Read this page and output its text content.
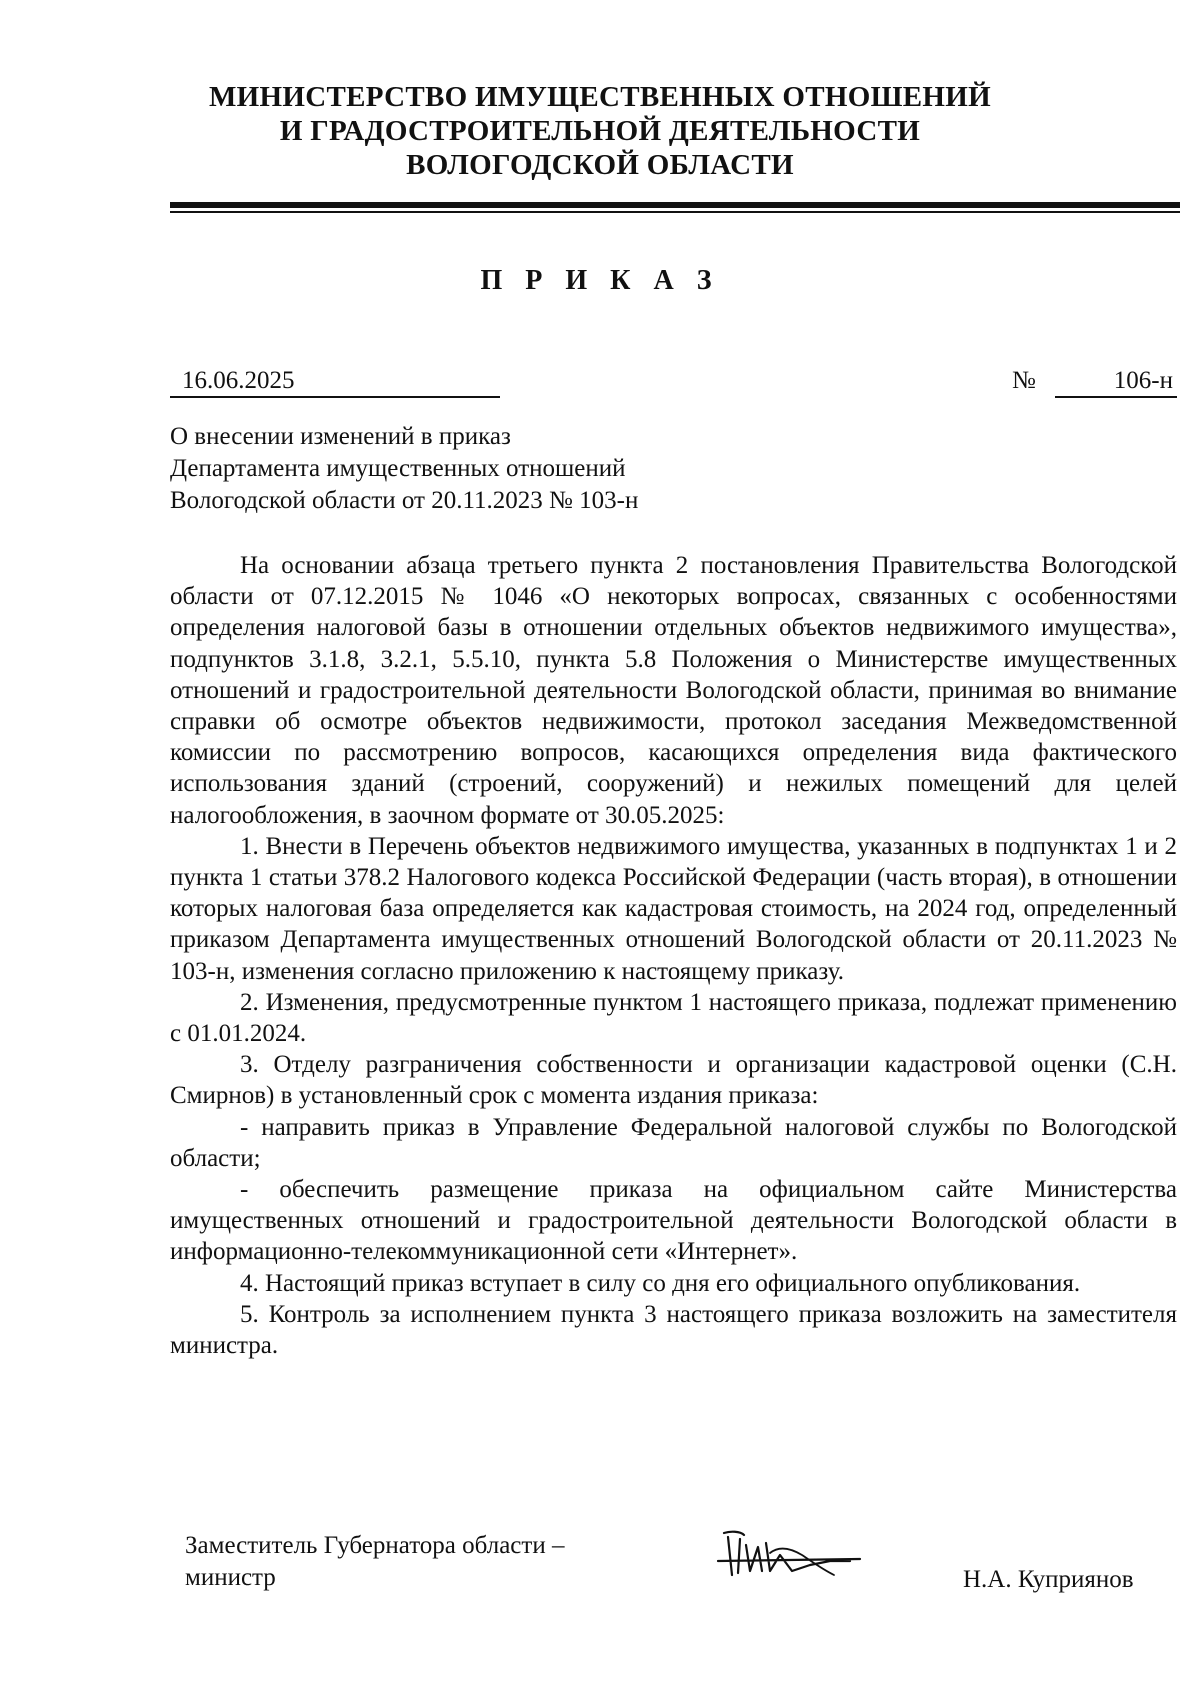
МИНИСТЕРСТВО ИМУЩЕСТВЕННЫХ ОТНОШЕНИЙ
И ГРАДОСТРОИТЕЛЬНОЙ ДЕЯТЕЛЬНОСТИ
ВОЛОГОДСКОЙ ОБЛАСТИ
П Р И К А З
16.06.2025	№	106-н
О внесении изменений в приказ
Департамента имущественных отношений
Вологодской области от 20.11.2023 № 103-н

На основании абзаца третьего пункта 2 постановления Правительства Вологодской области от 07.12.2015 № 1046 «О некоторых вопросах, связанных с особенностями определения налоговой базы в отношении отдельных объектов недвижимого имущества», подпунктов 3.1.8, 3.2.1, 5.5.10, пункта 5.8 Положения о Министерстве имущественных отношений и градостроительной деятельности Вологодской области, принимая во внимание справки об осмотре объектов недвижимости, протокол заседания Межведомственной комиссии по рассмотрению вопросов, касающихся определения вида фактического использования зданий (строений, сооружений) и нежилых помещений для целей налогообложения, в заочном формате от 30.05.2025:

1. Внести в Перечень объектов недвижимого имущества, указанных в подпунктах 1 и 2 пункта 1 статьи 378.2 Налогового кодекса Российской Федерации (часть вторая), в отношении которых налоговая база определяется как кадастровая стоимость, на 2024 год, определенный приказом Департамента имущественных отношений Вологодской области от 20.11.2023 № 103-н, изменения согласно приложению к настоящему приказу.

2. Изменения, предусмотренные пунктом 1 настоящего приказа, подлежат применению с 01.01.2024.

3. Отделу разграничения собственности и организации кадастровой оценки (С.Н. Смирнов) в установленный срок с момента издания приказа:

- направить приказ в Управление Федеральной налоговой службы по Вологодской области;

- обеспечить размещение приказа на официальном сайте Министерства имущественных отношений и градостроительной деятельности Вологодской области в информационно-телекоммуникационной сети «Интернет».

4. Настоящий приказ вступает в силу со дня его официального опубликования.

5. Контроль за исполнением пункта 3 настоящего приказа возложить на заместителя министра.

Заместитель Губернатора области –
министр	Н.А. Куприянов
